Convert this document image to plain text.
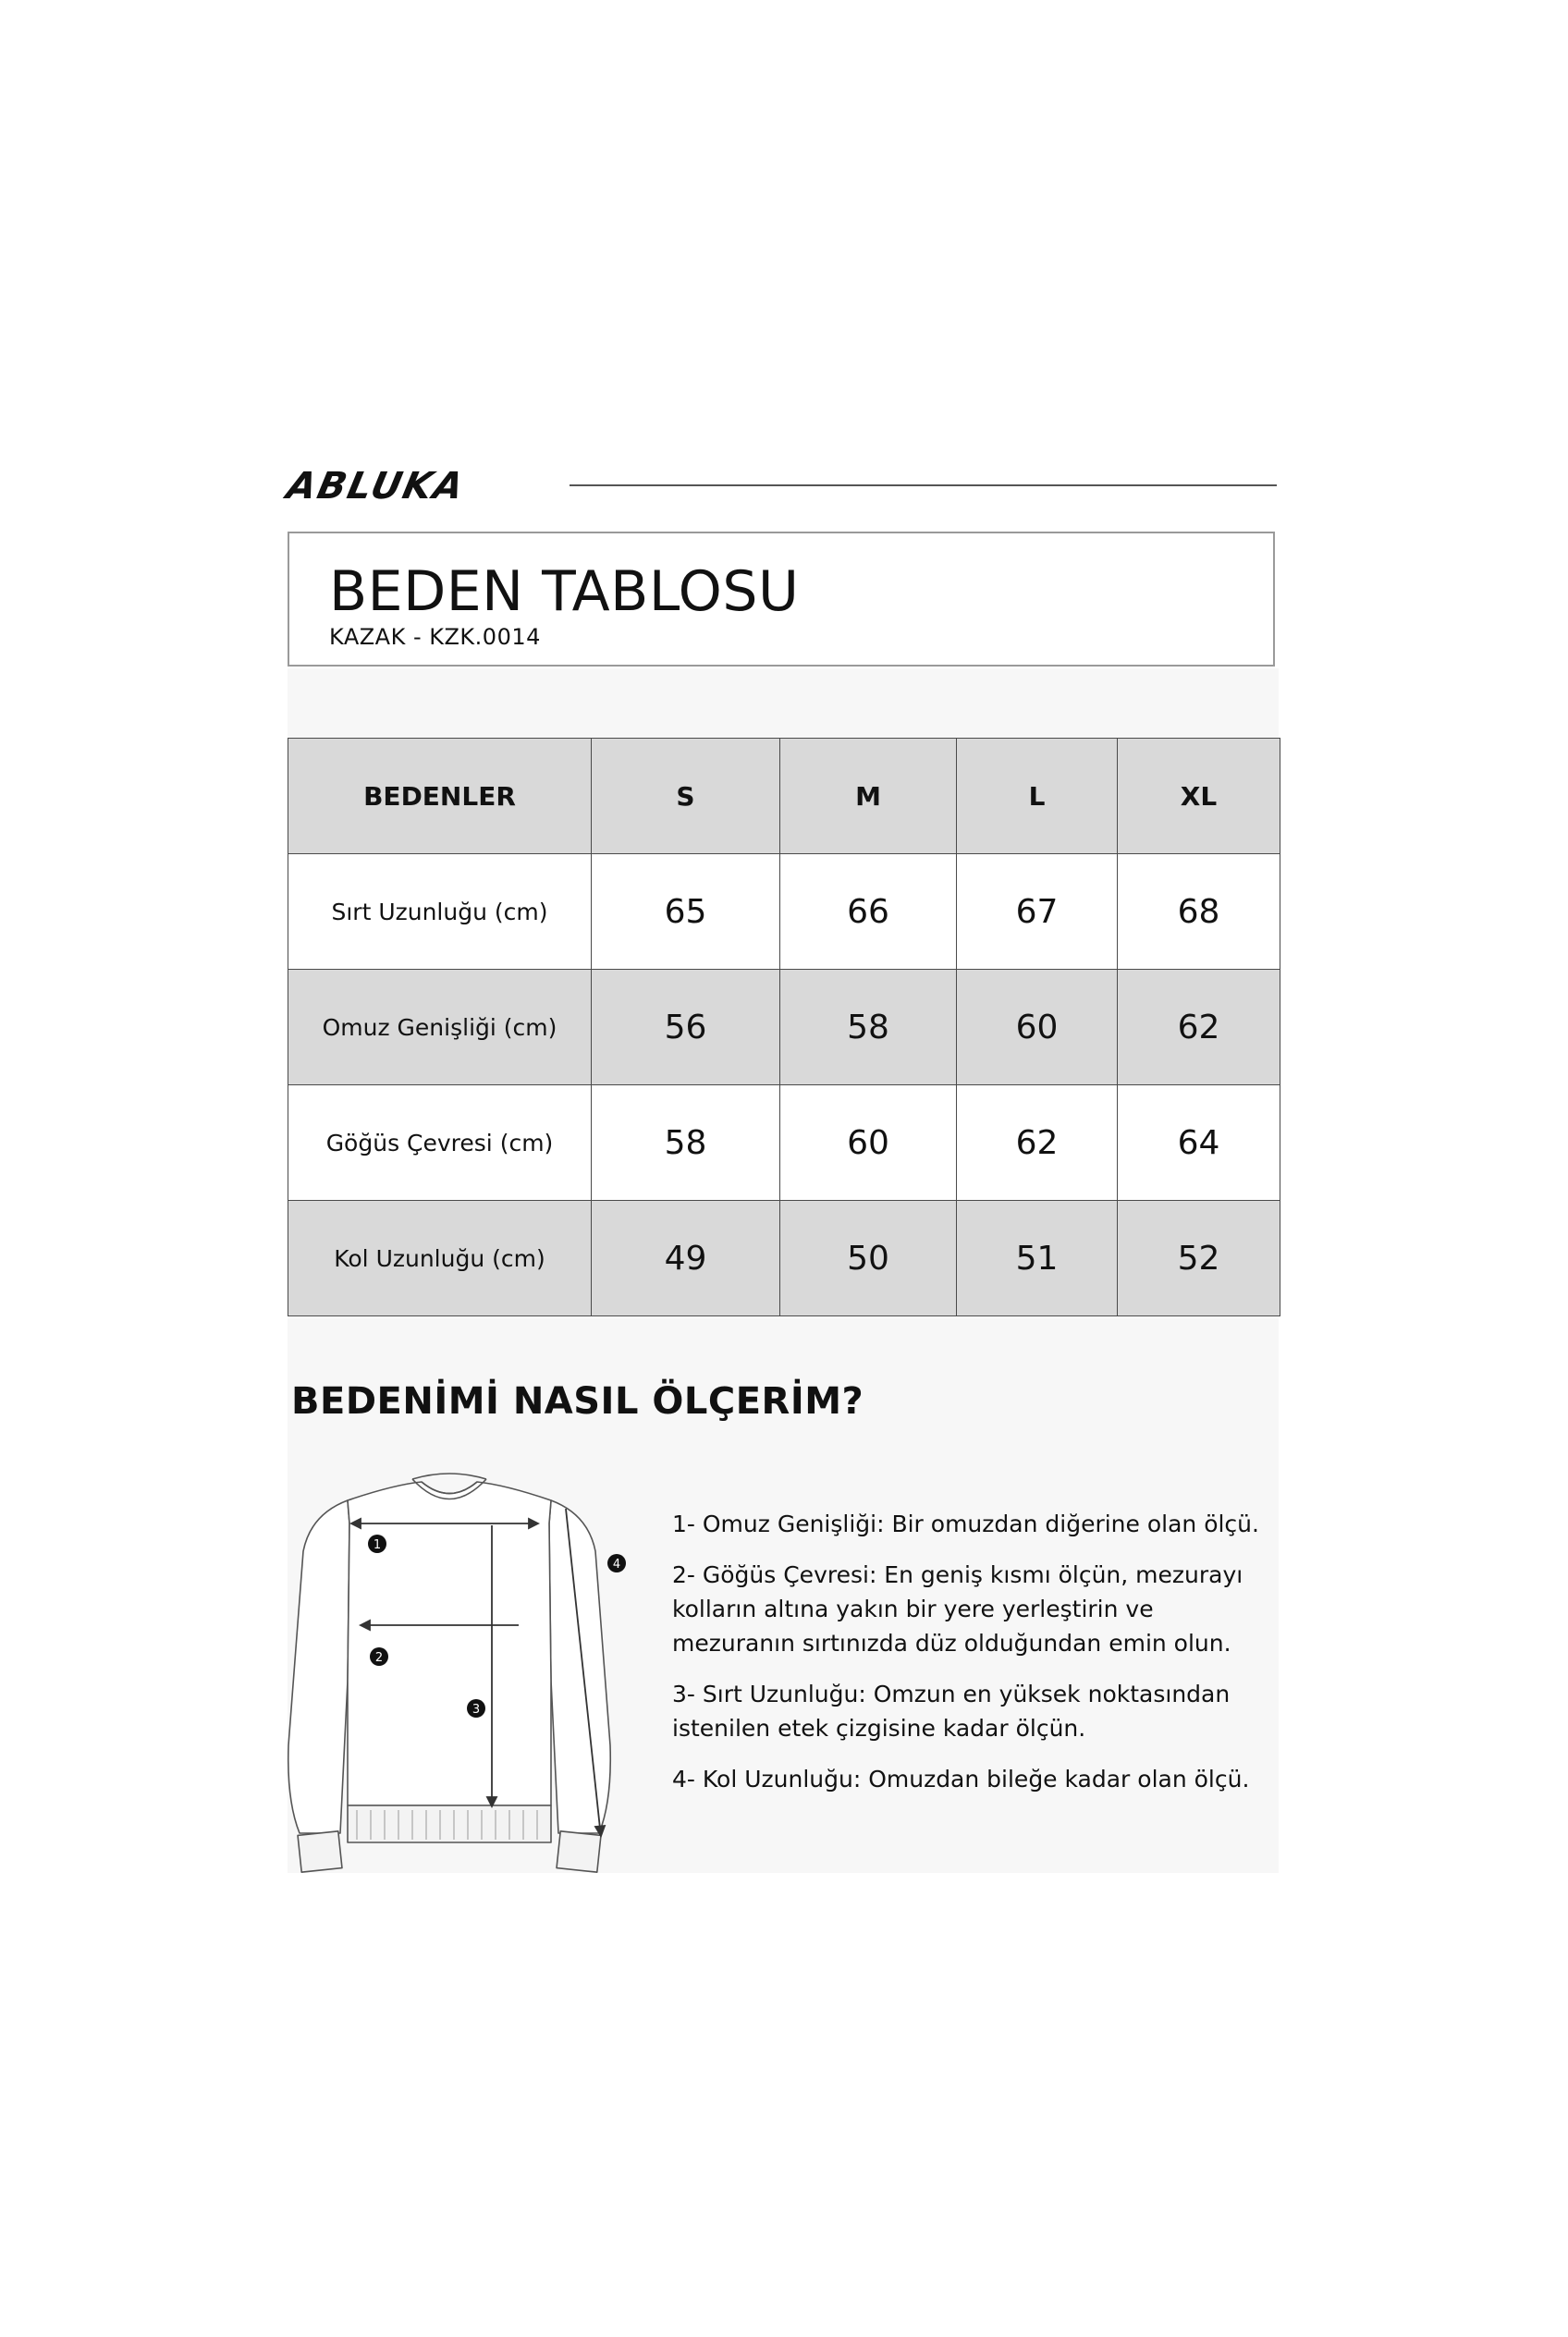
ABLUKA
BEDEN TABLOSU
KAZAK - KZK.0014
BEDENLER	S	M	L	XL
Sırt Uzunluğu (cm)	65	66	67	68
Omuz Genişliği (cm)	56	58	60	62
Göğüs Çevresi (cm)	58	60	62	64
Kol Uzunluğu (cm)	49	50	51	52
BEDENİMİ NASIL ÖLÇERİM?
1
2
3
4

1- Omuz Genişliği: Bir omuzdan diğerine olan ölçü.

2- Göğüs Çevresi: En geniş kısmı ölçün, mezurayı kolların altına yakın bir yere yerleştirin ve mezuranın sırtınızda düz olduğundan emin olun.

3- Sırt Uzunluğu: Omzun en yüksek noktasından istenilen etek çizgisine kadar ölçün.

4- Kol Uzunluğu: Omuzdan bileğe kadar olan ölçü.
